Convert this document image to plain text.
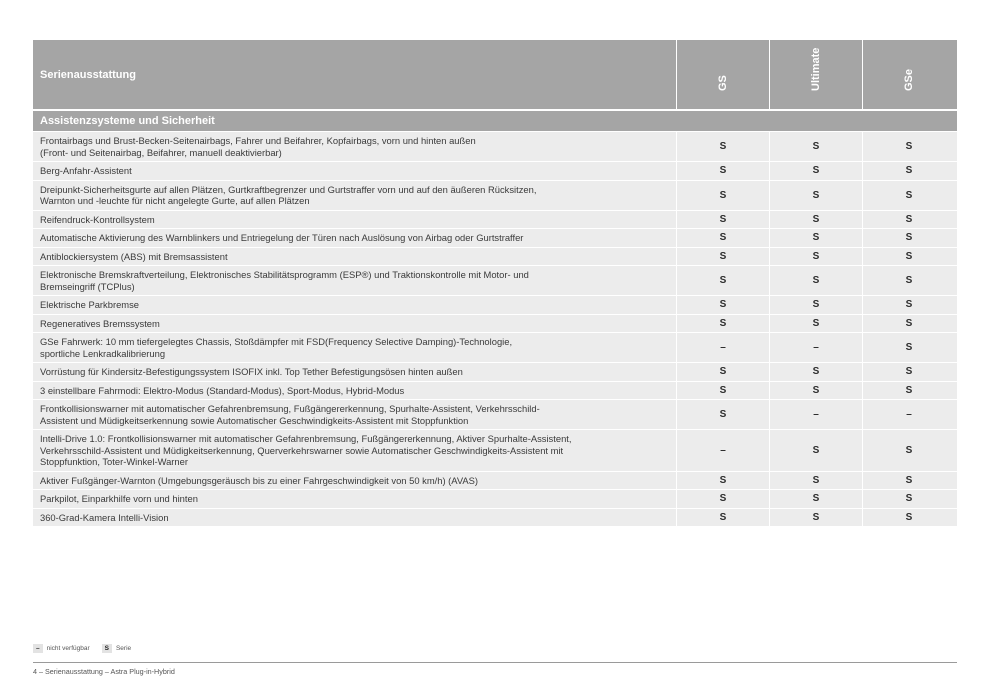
Serienausstattung
GS	Ultimate	GSe
Assistenzsysteme und Sicherheit
Frontairbags und Brust-Becken-Seitenairbags, Fahrer und Beifahrer, Kopfairbags, vorn und hinten außen
(Front- und Seitenairbag, Beifahrer, manuell deaktivierbar)	S	S	S
Berg-Anfahr-Assistent	S	S	S
Dreipunkt-Sicherheitsgurte auf allen Plätzen, Gurtkraftbegrenzer und Gurtstraffer vorn und auf den äußeren Rücksitzen,
Warnton und -leuchte für nicht angelegte Gurte, auf allen Plätzen	S	S	S
Reifendruck-Kontrollsystem	S	S	S
Automatische Aktivierung des Warnblinkers und Entriegelung der Türen nach Auslösung von Airbag oder Gurtstraffer	S	S	S
Antiblockiersystem (ABS) mit Bremsassistent	S	S	S
Elektronische Bremskraftverteilung, Elektronisches Stabilitätsprogramm (ESP®) und Traktionskontrolle mit Motor- und
Bremseingriff (TCPlus)	S	S	S
Elektrische Parkbremse	S	S	S
Regeneratives Bremssystem	S	S	S
GSe Fahrwerk: 10 mm tiefergelegtes Chassis, Stoßdämpfer mit FSD(Frequency Selective Damping)-Technologie,
sportliche Lenkradkalibrierung	–	–	S
Vorrüstung für Kindersitz-Befestigungssystem ISOFIX inkl. Top Tether Befestigungsösen hinten außen	S	S	S
3 einstellbare Fahrmodi: Elektro-Modus (Standard-Modus), Sport-Modus, Hybrid-Modus	S	S	S
Frontkollisionswarner mit automatischer Gefahrenbremsung, Fußgängererkennung, Spurhalte-Assistent, Verkehrsschild-
Assistent und Müdigkeitserkennung sowie Automatischer Geschwindigkeits-Assistent mit Stoppfunktion	S	–	–
Intelli-Drive 1.0: Frontkollisionswarner mit automatischer Gefahrenbremsung, Fußgängererkennung, Aktiver Spurhalte-Assistent,
Verkehrsschild-Assistent und Müdigkeitserkennung, Querverkehrswarner sowie Automatischer Geschwindigkeits-Assistent mit
Stoppfunktion, Toter-Winkel-Warner
–	S	S
Aktiver Fußgänger-Warnton (Umgebungsgeräusch bis zu einer Fahrgeschwindigkeit von 50 km/h) (AVAS)	S	S	S
Parkpilot, Einparkhilfe vorn und hinten	S	S	S
360-Grad-Kamera Intelli-Vision	S	S	S
–	nicht verfügbar	S	Serie
4 – Serienausstattung – Astra Plug-in-Hybrid
